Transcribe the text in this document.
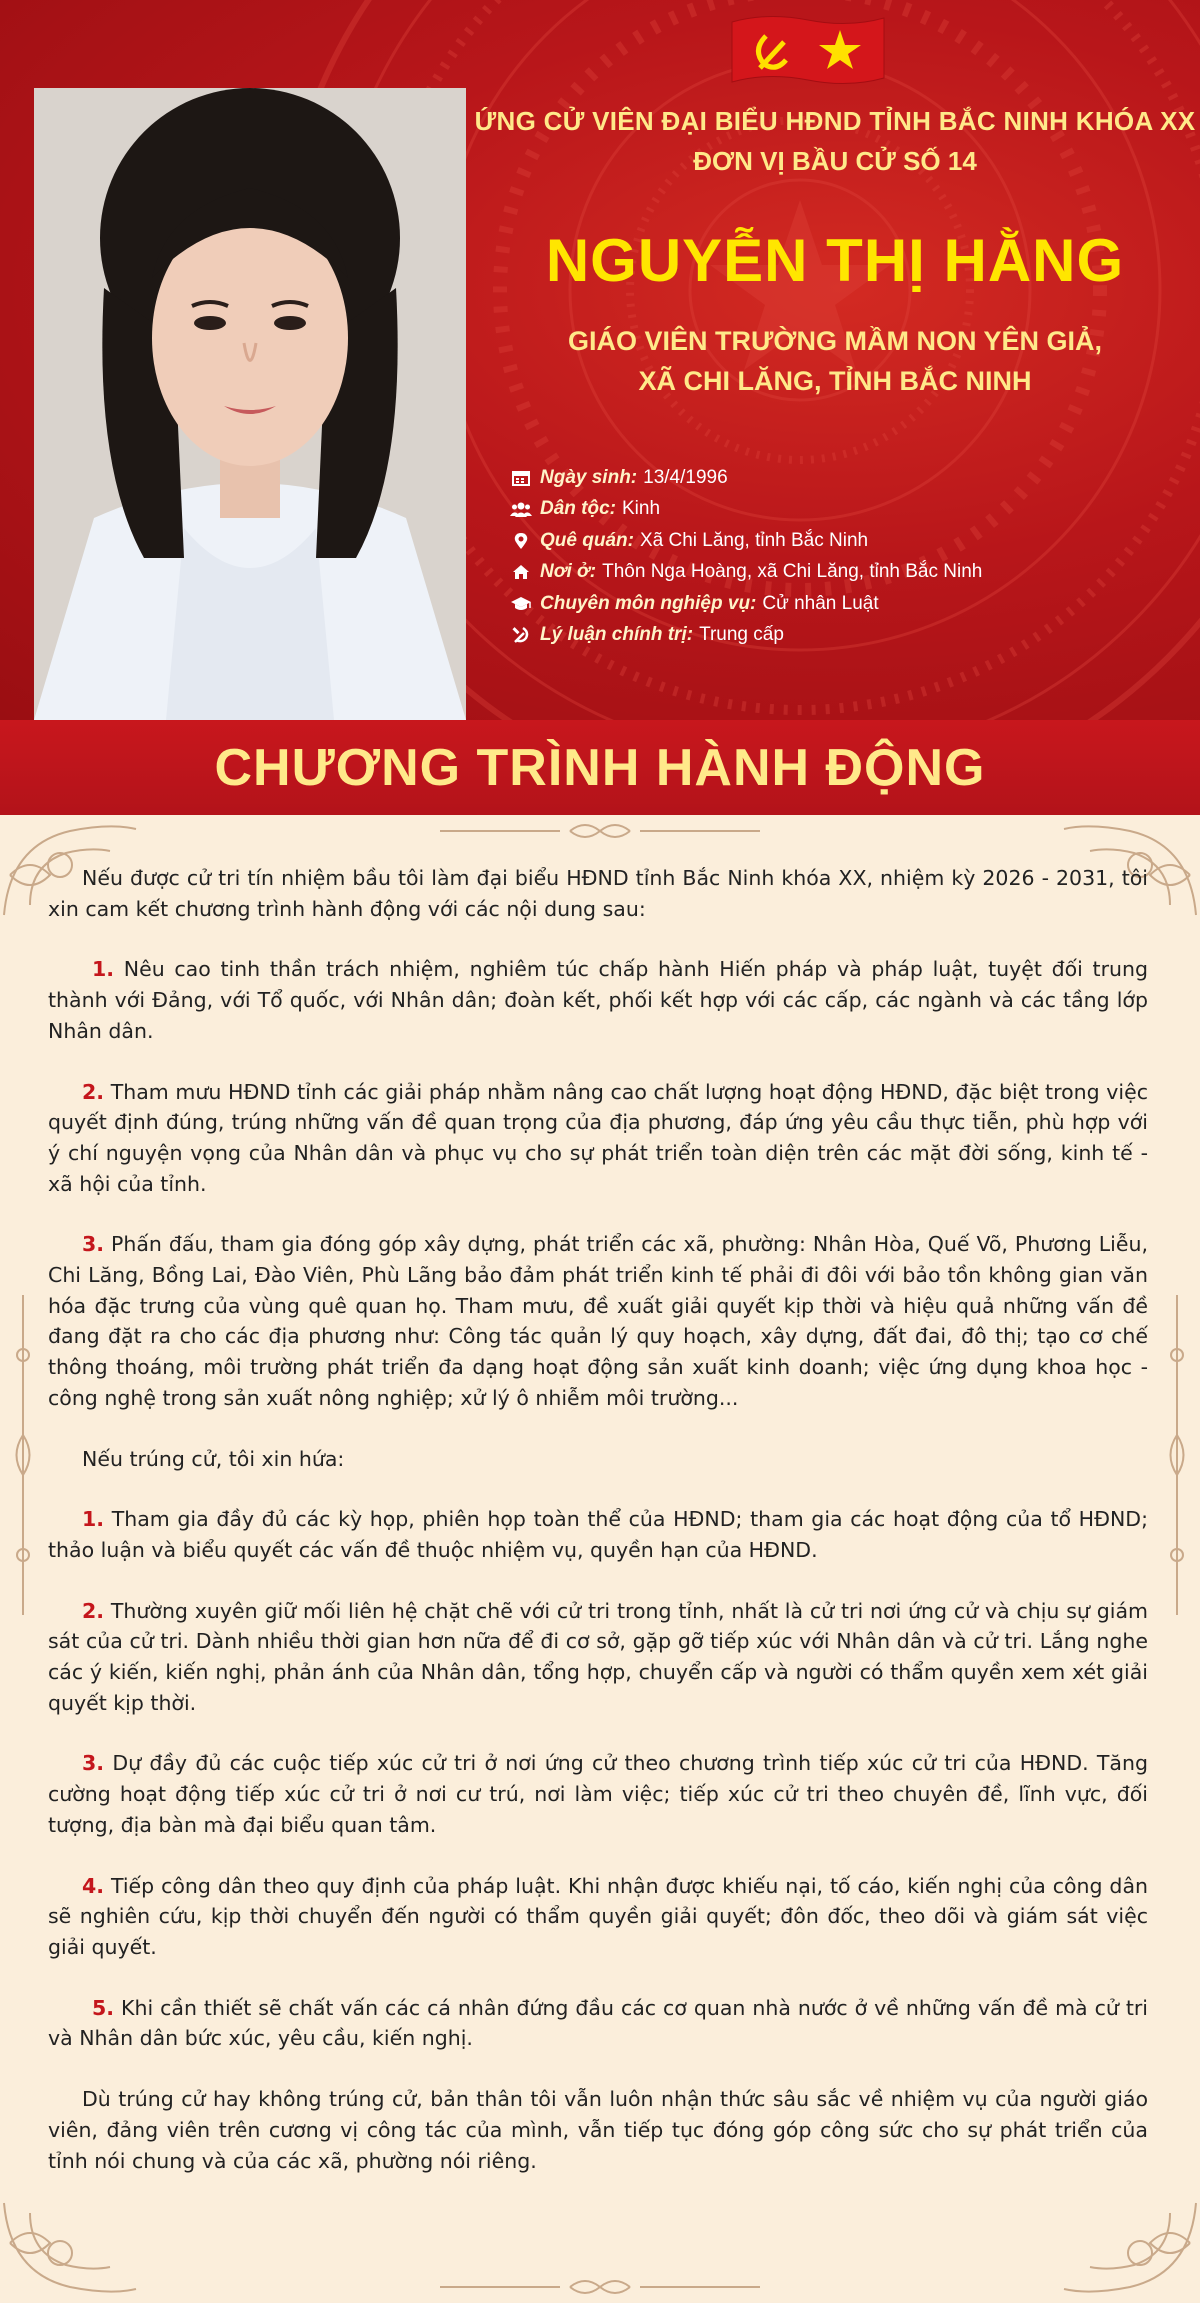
ỨNG CỬ VIÊN ĐẠI BIỂU HĐND TỈNH BẮC NINH KHÓA XX
ĐƠN VỊ BẦU CỬ SỐ 14
NGUYỄN THỊ HẰNG
GIÁO VIÊN TRƯỜNG MẦM NON YÊN GIẢ,
XÃ CHI LĂNG, TỈNH BẮC NINH
Ngày sinh: 13/4/1996
Dân tộc: Kinh
Quê quán: Xã Chi Lăng, tỉnh Bắc Ninh
Nơi ở: Thôn Nga Hoàng, xã Chi Lăng, tỉnh Bắc Ninh
Chuyên môn nghiệp vụ: Cử nhân Luật
Lý luận chính trị: Trung cấp
CHƯƠNG TRÌNH HÀNH ĐỘNG

Nếu được cử tri tín nhiệm bầu tôi làm đại biểu HĐND tỉnh Bắc Ninh khóa XX, nhiệm kỳ 2026 - 2031, tôi xin cam kết chương trình hành động với các nội dung sau:

1. Nêu cao tinh thần trách nhiệm, nghiêm túc chấp hành Hiến pháp và pháp luật, tuyệt đối trung thành với Đảng, với Tổ quốc, với Nhân dân; đoàn kết, phối kết hợp với các cấp, các ngành và các tầng lớp Nhân dân.

2. Tham mưu HĐND tỉnh các giải pháp nhằm nâng cao chất lượng hoạt động HĐND, đặc biệt trong việc quyết định đúng, trúng những vấn đề quan trọng của địa phương, đáp ứng yêu cầu thực tiễn, phù hợp với ý chí nguyện vọng của Nhân dân và phục vụ cho sự phát triển toàn diện trên các mặt đời sống, kinh tế - xã hội của tỉnh.

3. Phấn đấu, tham gia đóng góp xây dựng, phát triển các xã, phường: Nhân Hòa, Quế Võ, Phương Liễu, Chi Lăng, Bồng Lai, Đào Viên, Phù Lãng bảo đảm phát triển kinh tế phải đi đôi với bảo tồn không gian văn hóa đặc trưng của vùng quê quan họ. Tham mưu, đề xuất giải quyết kịp thời và hiệu quả những vấn đề đang đặt ra cho các địa phương như: Công tác quản lý quy hoạch, xây dựng, đất đai, đô thị; tạo cơ chế thông thoáng, môi trường phát triển đa dạng hoạt động sản xuất kinh doanh; việc ứng dụng khoa học - công nghệ trong sản xuất nông nghiệp; xử lý ô nhiễm môi trường...

Nếu trúng cử, tôi xin hứa:

1. Tham gia đầy đủ các kỳ họp, phiên họp toàn thể của HĐND; tham gia các hoạt động của tổ HĐND; thảo luận và biểu quyết các vấn đề thuộc nhiệm vụ, quyền hạn của HĐND.

2. Thường xuyên giữ mối liên hệ chặt chẽ với cử tri trong tỉnh, nhất là cử tri nơi ứng cử và chịu sự giám sát của cử tri. Dành nhiều thời gian hơn nữa để đi cơ sở, gặp gỡ tiếp xúc với Nhân dân và cử tri. Lắng nghe các ý kiến, kiến nghị, phản ánh của Nhân dân, tổng hợp, chuyển cấp và người có thẩm quyền xem xét giải quyết kịp thời.

3. Dự đầy đủ các cuộc tiếp xúc cử tri ở nơi ứng cử theo chương trình tiếp xúc cử tri của HĐND. Tăng cường hoạt động tiếp xúc cử tri ở nơi cư trú, nơi làm việc; tiếp xúc cử tri theo chuyên đề, lĩnh vực, đối tượng, địa bàn mà đại biểu quan tâm.

4. Tiếp công dân theo quy định của pháp luật. Khi nhận được khiếu nại, tố cáo, kiến nghị của công dân sẽ nghiên cứu, kịp thời chuyển đến người có thẩm quyền giải quyết; đôn đốc, theo dõi và giám sát việc giải quyết.

5. Khi cần thiết sẽ chất vấn các cá nhân đứng đầu các cơ quan nhà nước ở về những vấn đề mà cử tri và Nhân dân bức xúc, yêu cầu, kiến nghị.

Dù trúng cử hay không trúng cử, bản thân tôi vẫn luôn nhận thức sâu sắc về nhiệm vụ của người giáo viên, đảng viên trên cương vị công tác của mình, vẫn tiếp tục đóng góp công sức cho sự phát triển của tỉnh nói chung và của các xã, phường nói riêng.
